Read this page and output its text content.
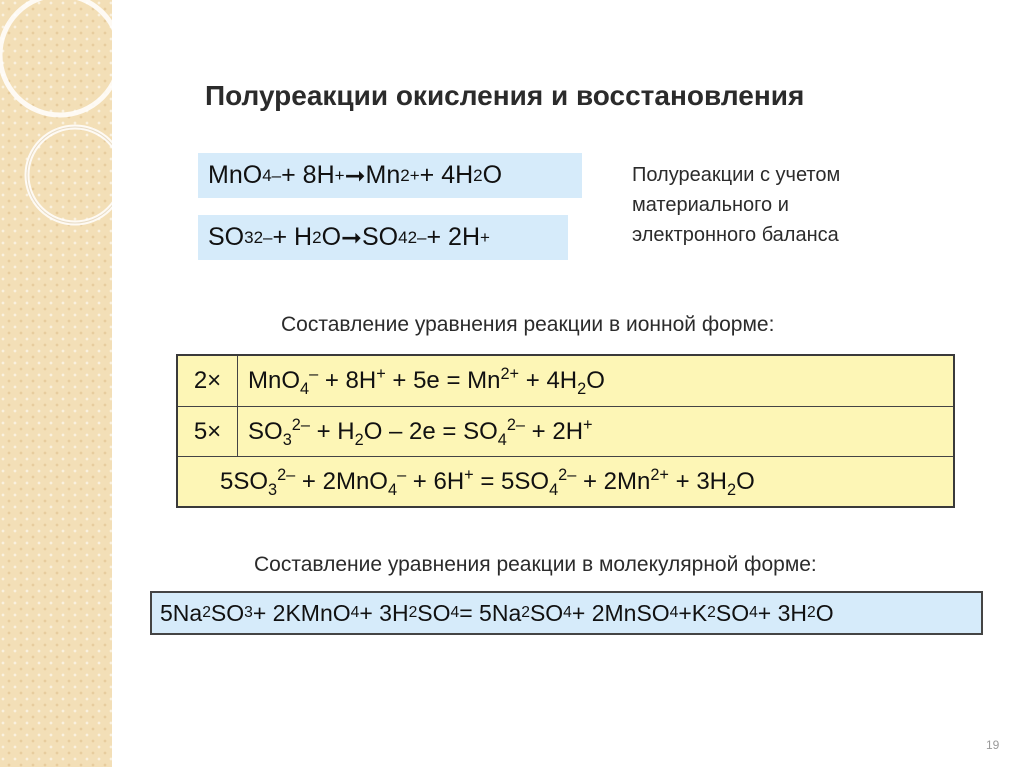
Полуреакции окисления и восстановления
MnO 4 – + 8H + ➞ Mn 2+ + 4H 2 O
SO 3 2– + H 2 O ➞ SO 4 2– + 2H +
Полуреакции с учетом
материального и
электронного баланса
Составление уравнения реакции в ионной форме:
2×	$MnO_4^- + 8H^+ + 5e = Mn^{2+} + 4H_2O$
5×	$SO_3^{2-} + H_2O - 2e = SO_4^{2-} + 2H^+$
$5SO_3^{2-} + 2MnO_4^- + 6H^+ = 5SO_4^{2-} + 2Mn^{2+} + 3H_2O$
Составление уравнения реакции в молекулярной форме:
5Na 2 SO 3 + 2KMnO 4 + 3H 2 SO 4 = 5Na 2 SO 4 + 2MnSO 4 +K 2 SO 4 + 3H 2 O
19
